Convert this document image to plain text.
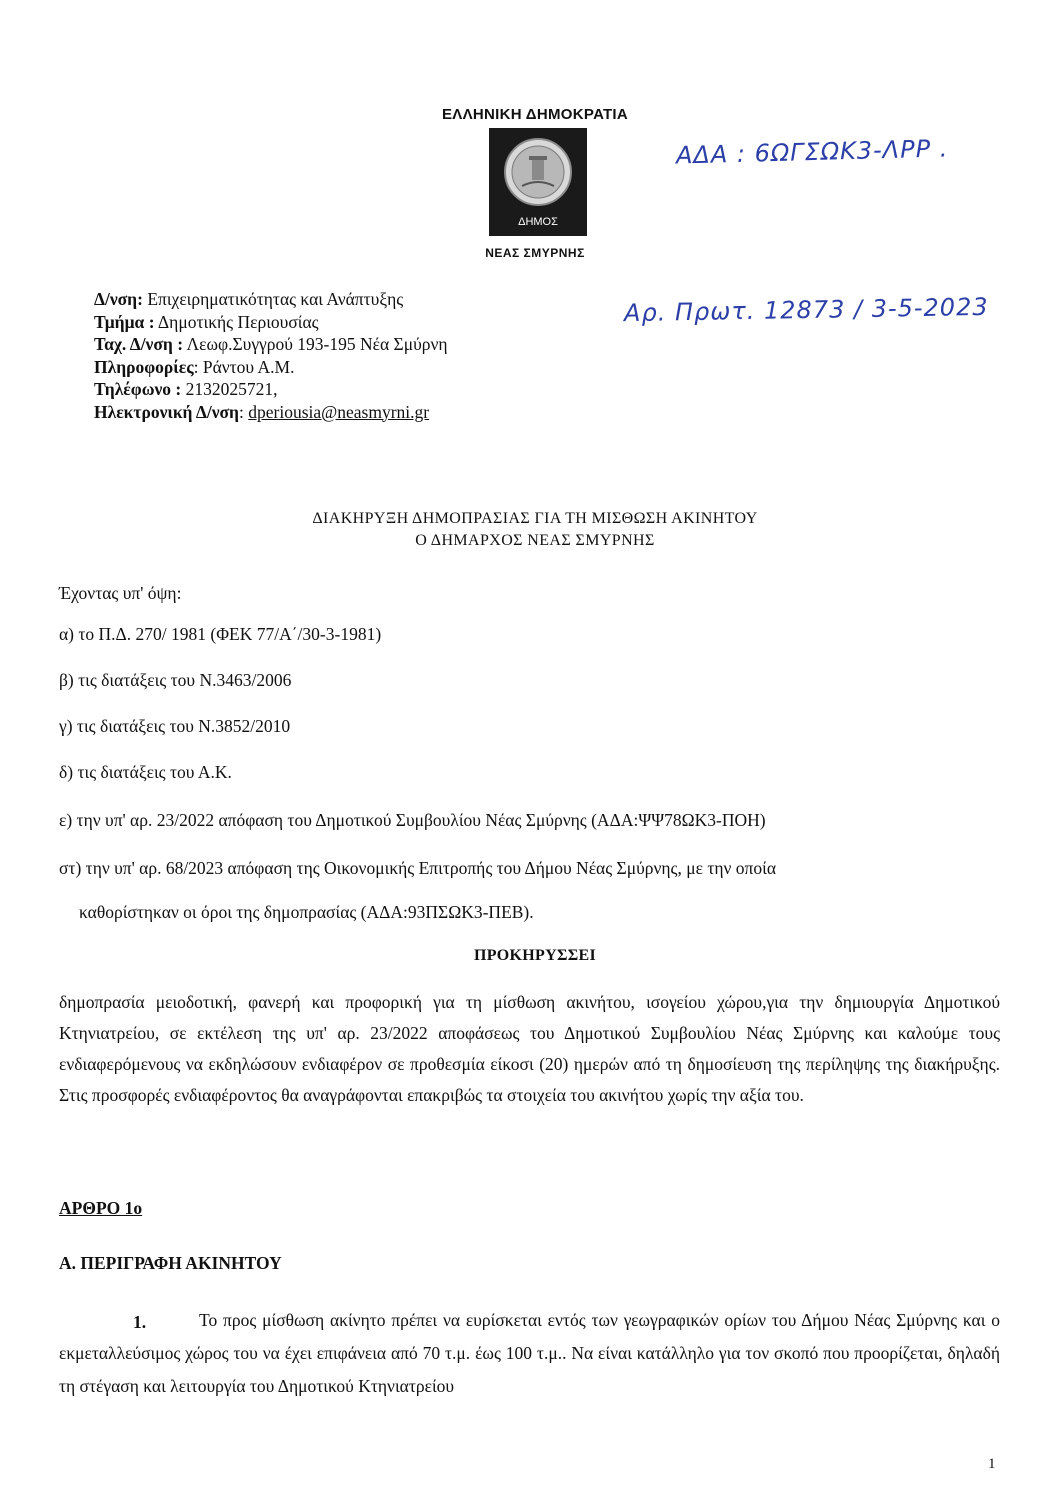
ΕΛΛΗΝΙΚΗ ΔΗΜΟΚΡΑΤΙΑ
ΔΗΜΟΣ
ΝΕΑΣ ΣΜΥΡΝΗΣ
ΑΔΑ : 6ΩΓΣΩΚ3-ΛΡΡ .
Αρ. Πρωτ. 12873 / 3-5-2023
Δ/νση: Επιχειρηματικότητας και Ανάπτυξης
Τμήμα : Δημοτικής Περιουσίας
Ταχ. Δ/νση : Λεωφ.Συγγρού 193-195 Νέα Σμύρνη
Πληροφορίες: Ράντου Α.Μ.
Τηλέφωνο : 2132025721,
Ηλεκτρονική Δ/νση: dperiousia@neasmyrni.gr
ΔΙΑΚΗΡΥΞΗ ΔΗΜΟΠΡΑΣΙΑΣ ΓΙΑ ΤΗ ΜΙΣΘΩΣΗ ΑΚΙΝΗΤΟΥ
Ο ΔΗΜΑΡΧΟΣ ΝΕΑΣ ΣΜΥΡΝΗΣ
Έχοντας υπ' όψη:
α) το Π.Δ. 270/ 1981 (ΦΕΚ 77/Α΄/30-3-1981)
β) τις διατάξεις του Ν.3463/2006
γ) τις διατάξεις του Ν.3852/2010
δ) τις διατάξεις του Α.Κ.
ε) την υπ' αρ. 23/2022 απόφαση του Δημοτικού Συμβουλίου Νέας Σμύρνης (ΑΔΑ:ΨΨ78ΩΚ3-ΠΟΗ)
στ) την υπ' αρ. 68/2023 απόφαση της Οικονομικής Επιτροπής του Δήμου Νέας Σμύρνης, με την οποία
καθορίστηκαν οι όροι της δημοπρασίας (ΑΔΑ:93ΠΣΩΚ3-ΠΕΒ).
ΠΡΟΚΗΡΥΣΣΕΙ
δημοπρασία μειοδοτική, φανερή και προφορική για τη μίσθωση ακινήτου, ισογείου χώρου,για την δημιουργία Δημοτικού Κτηνιατρείου, σε εκτέλεση της υπ' αρ. 23/2022 αποφάσεως του Δημοτικού Συμβουλίου Νέας Σμύρνης και καλούμε τους ενδιαφερόμενους να εκδηλώσουν ενδιαφέρον σε προθεσμία είκοσι (20) ημερών από τη δημοσίευση της περίληψης της διακήρυξης. Στις προσφορές ενδιαφέροντος θα αναγράφονται επακριβώς τα στοιχεία του ακινήτου χωρίς την αξία του.
ΑΡΘΡΟ 1ο
Α. ΠΕΡΙΓΡΑΦΗ ΑΚΙΝΗΤΟΥ
Το προς μίσθωση ακίνητο πρέπει να ευρίσκεται εντός των γεωγραφικών ορίων του Δήμου Νέας Σμύρνης και ο εκμεταλλεύσιμος χώρος του να έχει επιφάνεια από 70 τ.μ. έως 100 τ.μ.. Να είναι κατάλληλο για τον σκοπό που προορίζεται, δηλαδή τη στέγαση και λειτουργία του Δημοτικού Κτηνιατρείου
1.
1
